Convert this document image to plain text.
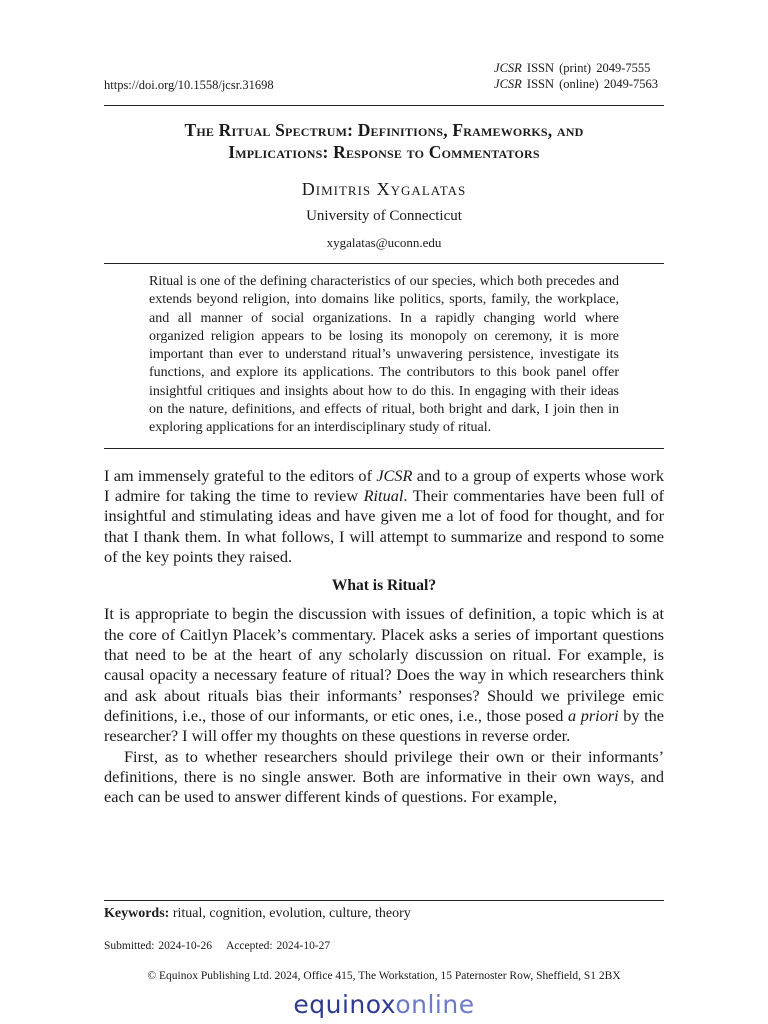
https://doi.org/10.1558/jcsr.31698
JCSR ISSN (print) 2049-7555
JCSR ISSN (online) 2049-7563
The Ritual Spectrum: Definitions, Frameworks, and
Implications: Response to Commentators
Dimitris Xygalatas
University of Connecticut
xygalatas@uconn.edu
Ritual is one of the defining characteristics of our species, which both precedes and extends beyond religion, into domains like politics, sports, family, the workplace, and all manner of social organizations. In a rapidly changing world where organized religion appears to be losing its monopoly on ceremony, it is more important than ever to understand ritual’s unwavering persistence, investigate its functions, and explore its applications. The contributors to this book panel offer insightful critiques and insights about how to do this. In engaging with their ideas on the nature, definitions, and effects of ritual, both bright and dark, I join then in exploring applications for an interdisciplinary study of ritual.

I am immensely grateful to the editors of JCSR and to a group of experts whose work I admire for taking the time to review Ritual. Their commentaries have been full of insightful and stimulating ideas and have given me a lot of food for thought, and for that I thank them. In what follows, I will attempt to summarize and respond to some of the key points they raised.

What is Ritual?

It is appropriate to begin the discussion with issues of definition, a topic which is at the core of Caitlyn Placek’s commentary. Placek asks a series of important questions that need to be at the heart of any scholarly discussion on ritual. For example, is causal opacity a necessary feature of ritual? Does the way in which researchers think and ask about rituals bias their informants’ responses? Should we privilege emic definitions, i.e., those of our informants, or etic ones, i.e., those posed a priori by the researcher? I will offer my thoughts on these questions in reverse order.

First, as to whether researchers should privilege their own or their informants’ definitions, there is no single answer. Both are informative in their own ways, and each can be used to answer different kinds of questions. For example,

Keywords: ritual, cognition, evolution, culture, theory
Submitted: 2024-10-26 Accepted: 2024-10-27
© Equinox Publishing Ltd. 2024, Office 415, The Workstation, 15 Paternoster Row, Sheffield, S1 2BX
equinoxonline
